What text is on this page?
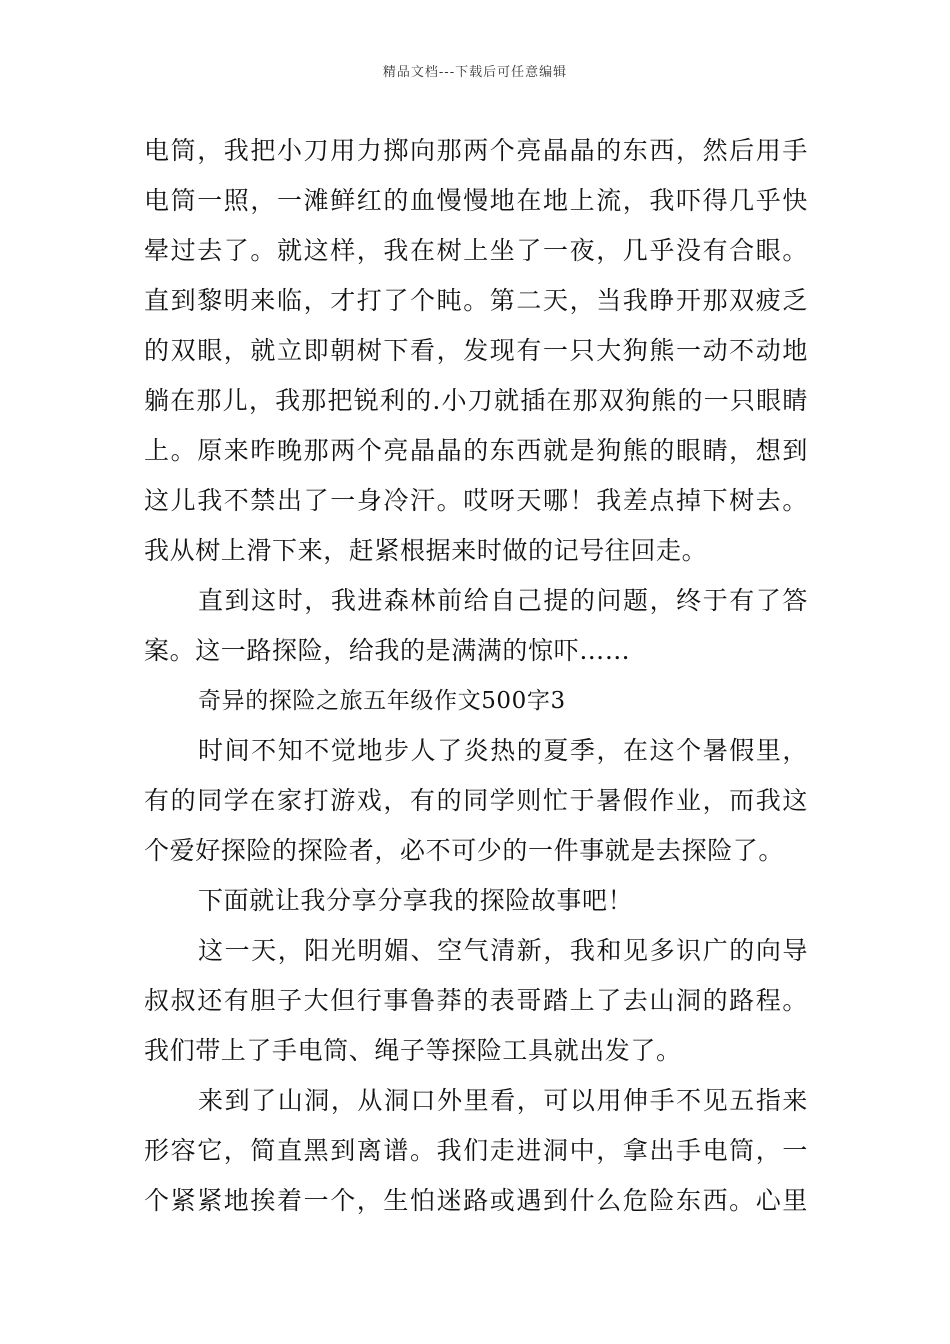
精品文档---下载后可任意编辑
电筒，我把小刀用力掷向那两个亮晶晶的东西，然后用手
电筒一照，一滩鲜红的血慢慢地在地上流，我吓得几乎快
晕过去了。就这样，我在树上坐了一夜，几乎没有合眼。
直到黎明来临，才打了个盹。第二天，当我睁开那双疲乏
的双眼，就立即朝树下看，发现有一只大狗熊一动不动地
躺在那儿，我那把锐利的.小刀就插在那双狗熊的一只眼睛
上。原来昨晚那两个亮晶晶的东西就是狗熊的眼睛，想到
这儿我不禁出了一身冷汗。哎呀天哪！我差点掉下树去。
我从树上滑下来，赶紧根据来时做的记号往回走。
直到这时，我进森林前给自己提的问题，终于有了答
案。这一路探险，给我的是满满的惊吓……
奇异的探险之旅五年级作文500字3
时间不知不觉地步人了炎热的夏季，在这个暑假里，
有的同学在家打游戏，有的同学则忙于暑假作业，而我这
个爱好探险的探险者，必不可少的一件事就是去探险了。
下面就让我分享分享我的探险故事吧！
这一天，阳光明媚、空气清新，我和见多识广的向导
叔叔还有胆子大但行事鲁莽的表哥踏上了去山洞的路程。
我们带上了手电筒、绳子等探险工具就出发了。
来到了山洞，从洞口外里看，可以用伸手不见五指来
形容它，简直黑到离谱。我们走进洞中，拿出手电筒，一
个紧紧地挨着一个，生怕迷路或遇到什么危险东西。心里
